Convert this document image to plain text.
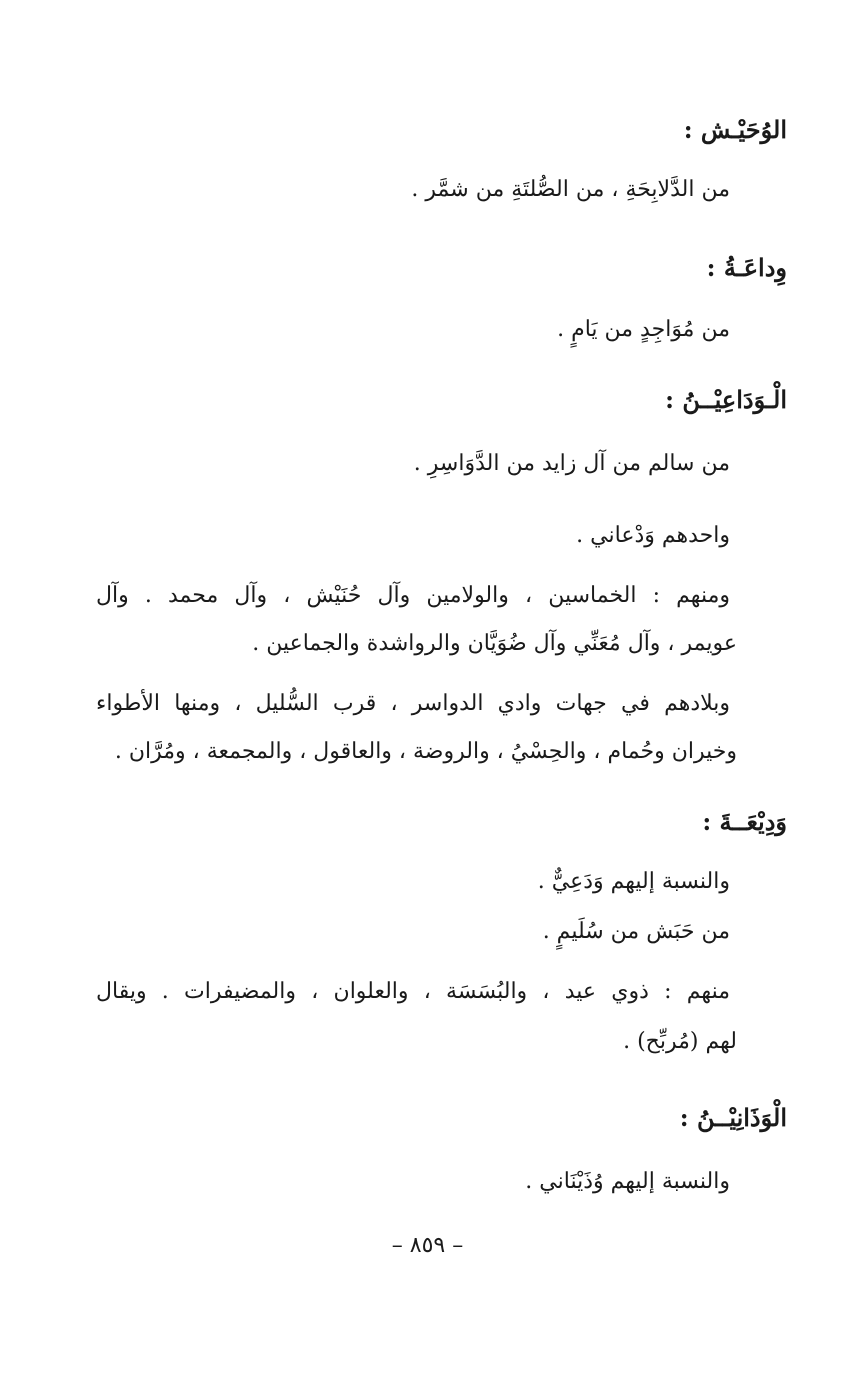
الوُحَيْـش :
من الدَّلابِحَةِ ، من الصُّلتَةِ من شمَّر .
وِداعَـةُ :
من مُوَاجِدٍ من يَامٍ .
الْـوَدَاعِيْــنُ :
من سالم من آل زايد من الدَّوَاسِرِ .
واحدهم وَدْعاني .
ومنهم : الخماسين ، والولامين وآل حُنَيْش ، وآل محمد . وآل
عويمر ، وآل مُعَنِّي وآل ضُوَيَّان والرواشدة والجماعين .
وبلادهم في جهات وادي الدواسر ، قرب السُّليل ، ومنها الأطواء
وخيران وحُمام ، والحِسْيُ ، والروضة ، والعاقول ، والمجمعة ، ومُرَّان .
وَدِيْعَــةَ :
والنسبة إليهم وَدَعِيٌّ .
من حَبَش من سُلَيمٍ .
منهم : ذوي عيد ، والبُسَسَة ، والعلوان ، والمضيفرات . ويقال
لهم (مُربِّح) .
الْوَذَانِيْــنُ :
والنسبة إليهم وُذَيْنَاني .
– ٨٥٩ –
